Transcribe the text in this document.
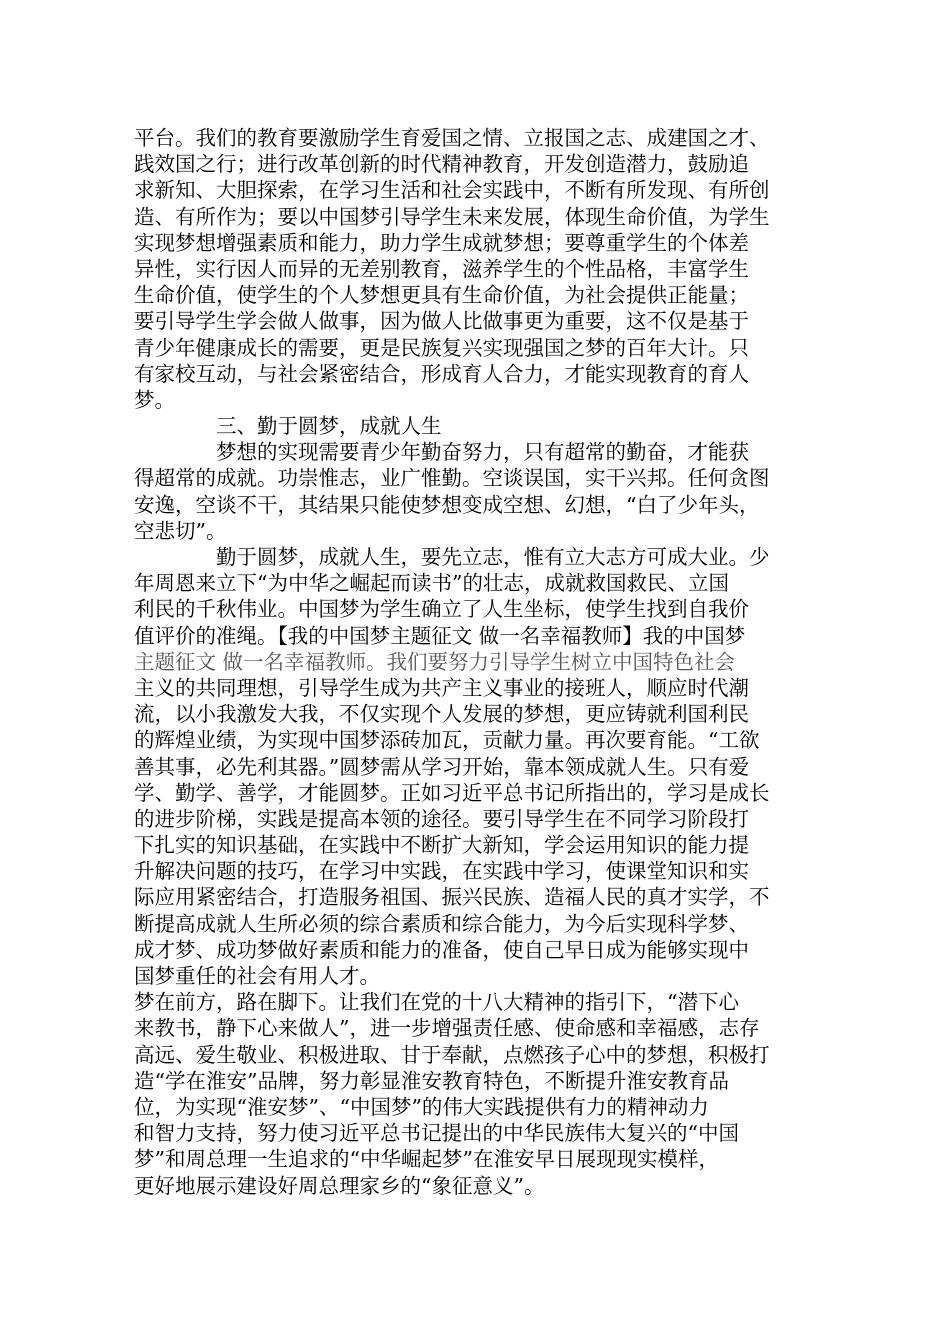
平台。我们的教育要激励学生育爱国之情、立报国之志、成建国之才、
践效国之行；进行改革创新的时代精神教育，开发创造潜力，鼓励追
求新知、大胆探索，在学习生活和社会实践中，不断有所发现、有所创
造、有所作为；要以中国梦引导学生未来发展，体现生命价值，为学生
实现梦想增强素质和能力，助力学生成就梦想；要尊重学生的个体差
异性，实行因人而异的无差别教育，滋养学生的个性品格，丰富学生
生命价值，使学生的个人梦想更具有生命价值，为社会提供正能量；
要引导学生学会做人做事，因为做人比做事更为重要，这不仅是基于
青少年健康成长的需要，更是民族复兴实现强国之梦的百年大计。只
有家校互动，与社会紧密结合，形成育人合力，才能实现教育的育人
梦。
三、勤于圆梦，成就人生
梦想的实现需要青少年勤奋努力，只有超常的勤奋，才能获
得超常的成就。功崇惟志，业广惟勤。空谈误国，实干兴邦。任何贪图
安逸，空谈不干，其结果只能使梦想变成空想、幻想，“白了少年头，
空悲切”。
勤于圆梦，成就人生，要先立志，惟有立大志方可成大业。少
年周恩来立下“为中华之崛起而读书”的壮志，成就救国救民、立国
利民的千秋伟业。中国梦为学生确立了人生坐标，使学生找到自我价
值评价的准绳。【我的中国梦主题征文 做一名幸福教师】我的中国梦
主题征文 做一名幸福教师。我们要努力引导学生树立中国特色社会
主义的共同理想，引导学生成为共产主义事业的接班人，顺应时代潮
流，以小我激发大我，不仅实现个人发展的梦想，更应铸就利国利民
的辉煌业绩，为实现中国梦添砖加瓦，贡献力量。再次要育能。“工欲
善其事，必先利其器。”圆梦需从学习开始，靠本领成就人生。只有爱
学、勤学、善学，才能圆梦。正如习近平总书记所指出的，学习是成长
的进步阶梯，实践是提高本领的途径。要引导学生在不同学习阶段打
下扎实的知识基础，在实践中不断扩大新知，学会运用知识的能力提
升解决问题的技巧，在学习中实践，在实践中学习，使课堂知识和实
际应用紧密结合，打造服务祖国、振兴民族、造福人民的真才实学，不
断提高成就人生所必须的综合素质和综合能力，为今后实现科学梦、
成才梦、成功梦做好素质和能力的准备，使自己早日成为能够实现中
国梦重任的社会有用人才。
梦在前方，路在脚下。让我们在党的十八大精神的指引下，“潜下心
来教书，静下心来做人”，进一步增强责任感、使命感和幸福感，志存
高远、爱生敬业、积极进取、甘于奉献，点燃孩子心中的梦想，积极打
造“学在淮安”品牌，努力彰显淮安教育特色，不断提升淮安教育品
位，为实现“淮安梦”、“中国梦”的伟大实践提供有力的精神动力
和智力支持，努力使习近平总书记提出的中华民族伟大复兴的“中国
梦”和周总理一生追求的“中华崛起梦”在淮安早日展现现实模样，
更好地展示建设好周总理家乡的“象征意义”。
